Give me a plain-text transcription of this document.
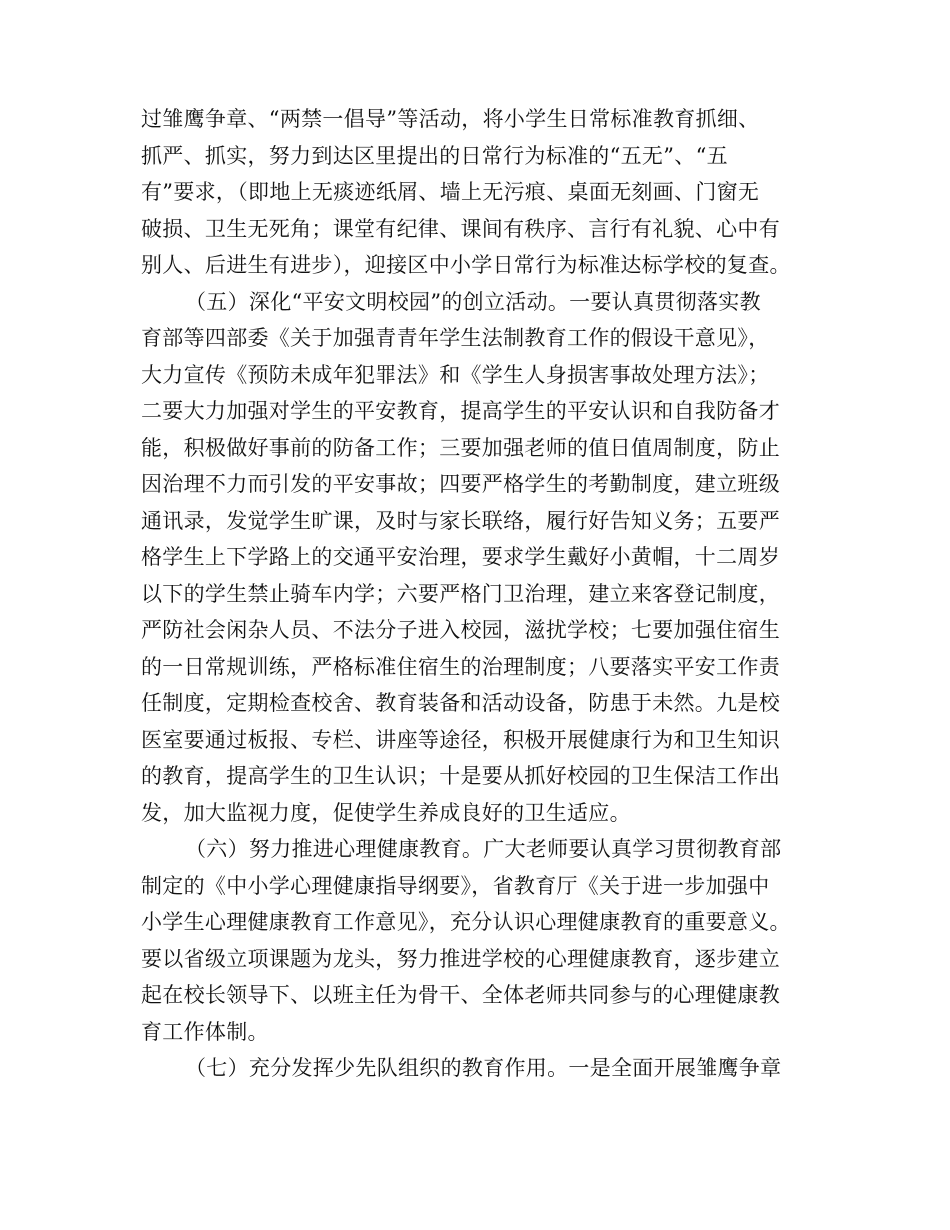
过雏鹰争章、“两禁一倡导”等活动，将小学生日常标准教育抓细、
抓严、抓实，努力到达区里提出的日常行为标准的“五无”、“五
有”要求，（即地上无痰迹纸屑、墙上无污痕、桌面无刻画、门窗无
破损、卫生无死角；课堂有纪律、课间有秩序、言行有礼貌、心中有
别人、后进生有进步），迎接区中小学日常行为标准达标学校的复查。
（五）深化“平安文明校园”的创立活动。一要认真贯彻落实教
育部等四部委《关于加强青青年学生法制教育工作的假设干意见》，
大力宣传《预防未成年犯罪法》和《学生人身损害事故处理方法》；
二要大力加强对学生的平安教育，提高学生的平安认识和自我防备才
能，积极做好事前的防备工作；三要加强老师的值日值周制度，防止
因治理不力而引发的平安事故；四要严格学生的考勤制度，建立班级
通讯录，发觉学生旷课，及时与家长联络，履行好告知义务；五要严
格学生上下学路上的交通平安治理，要求学生戴好小黄帽，十二周岁
以下的学生禁止骑车内学；六要严格门卫治理，建立来客登记制度，
严防社会闲杂人员、不法分子进入校园，滋扰学校；七要加强住宿生
的一日常规训练，严格标准住宿生的治理制度；八要落实平安工作责
任制度，定期检查校舍、教育装备和活动设备，防患于未然。九是校
医室要通过板报、专栏、讲座等途径，积极开展健康行为和卫生知识
的教育，提高学生的卫生认识；十是要从抓好校园的卫生保洁工作出
发，加大监视力度，促使学生养成良好的卫生适应。
（六）努力推进心理健康教育。广大老师要认真学习贯彻教育部
制定的《中小学心理健康指导纲要》，省教育厅《关于进一步加强中
小学生心理健康教育工作意见》，充分认识心理健康教育的重要意义。
要以省级立项课题为龙头，努力推进学校的心理健康教育，逐步建立
起在校长领导下、以班主任为骨干、全体老师共同参与的心理健康教
育工作体制。
（七）充分发挥少先队组织的教育作用。一是全面开展雏鹰争章
